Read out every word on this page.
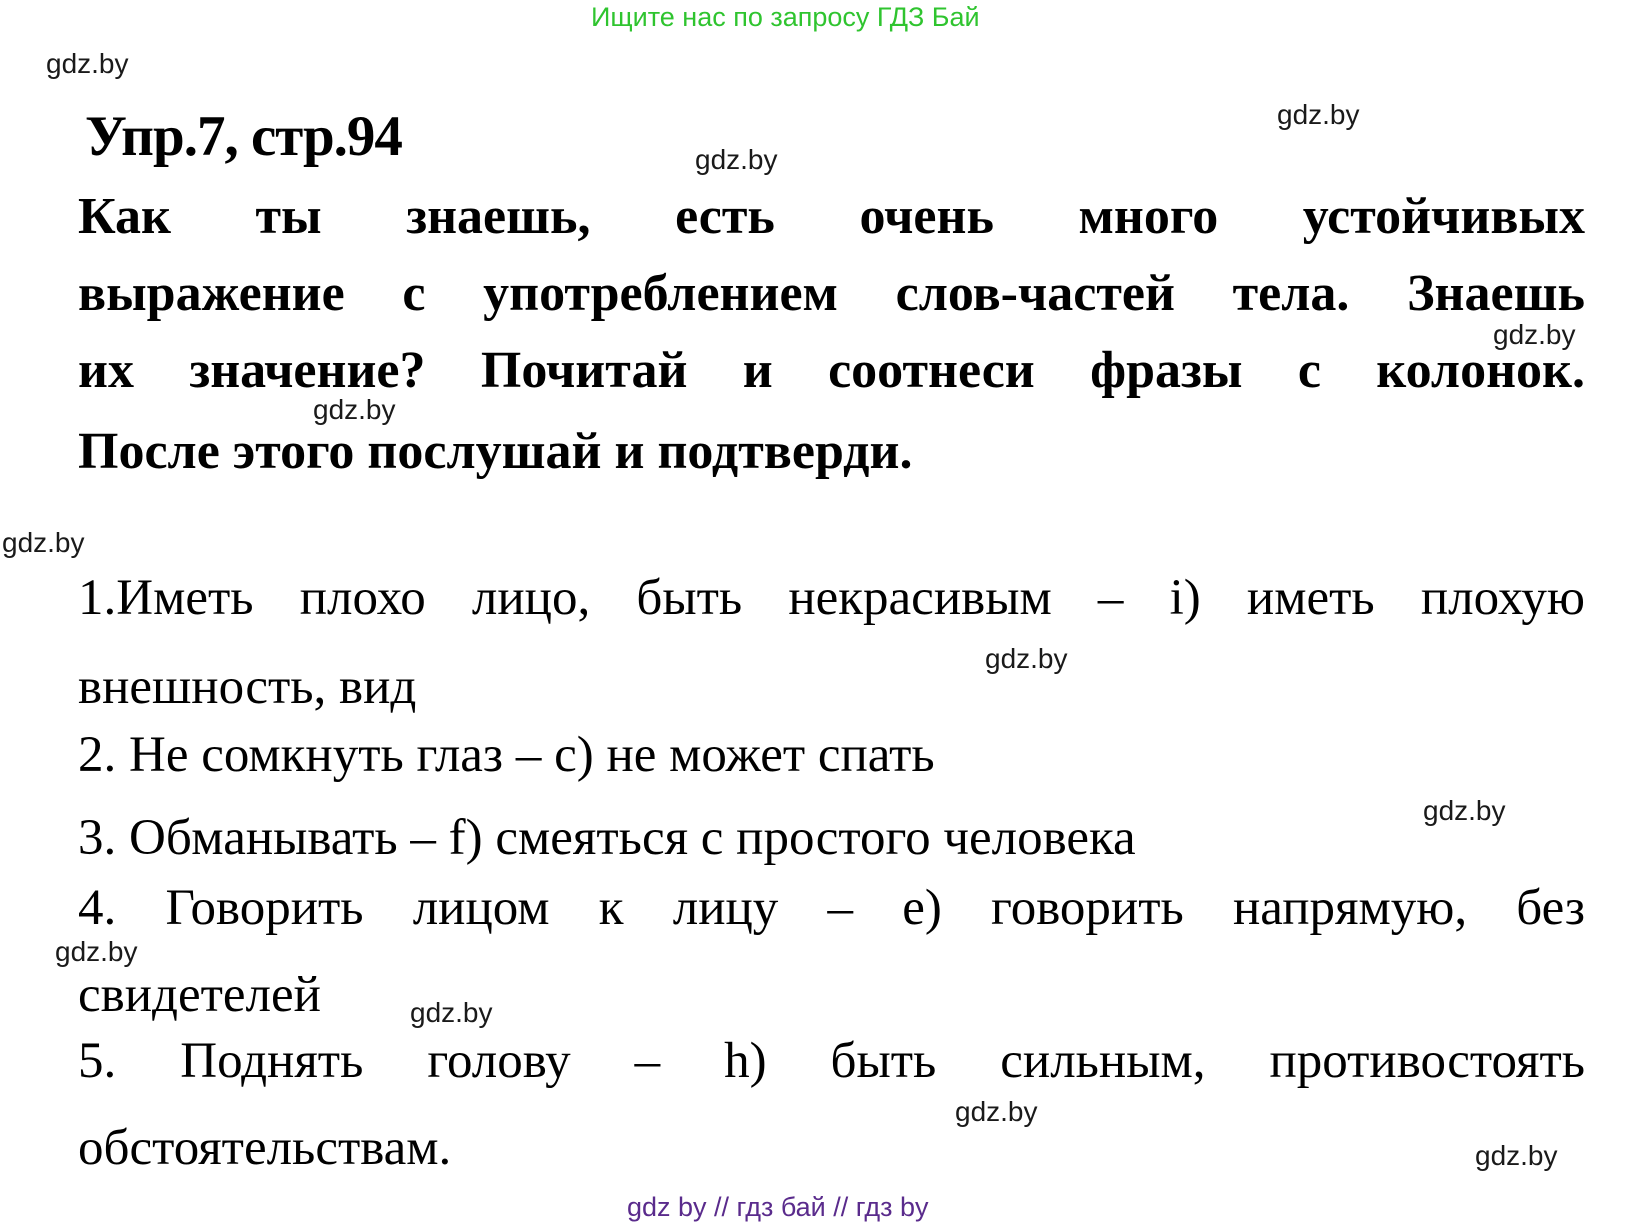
Ищите нас по запросу ГДЗ Бай
gdz.by
gdz.by
gdz.by
gdz.by
gdz.by
gdz.by
gdz.by
gdz.by
gdz.by
gdz.by
gdz.by
gdz.by
Упр.7, стр.94
Как ты знаешь, есть очень много устойчивых
выражение с употреблением слов-частей тела. Знаешь
их значение? Почитай и соотнеси фразы с колонок.
После этого послушай и подтверди.
1.Иметь плохо лицо, быть некрасивым – i) иметь плохую
внешность, вид
2. Не сомкнуть глаз – c) не может спать
3. Обманывать – f) смеяться с простого человека
4. Говорить лицом к лицу – e) говорить напрямую, без
свидетелей
5. Поднять голову – h) быть сильным, противостоять
обстоятельствам.
gdz by // гдз бай // гдз by
